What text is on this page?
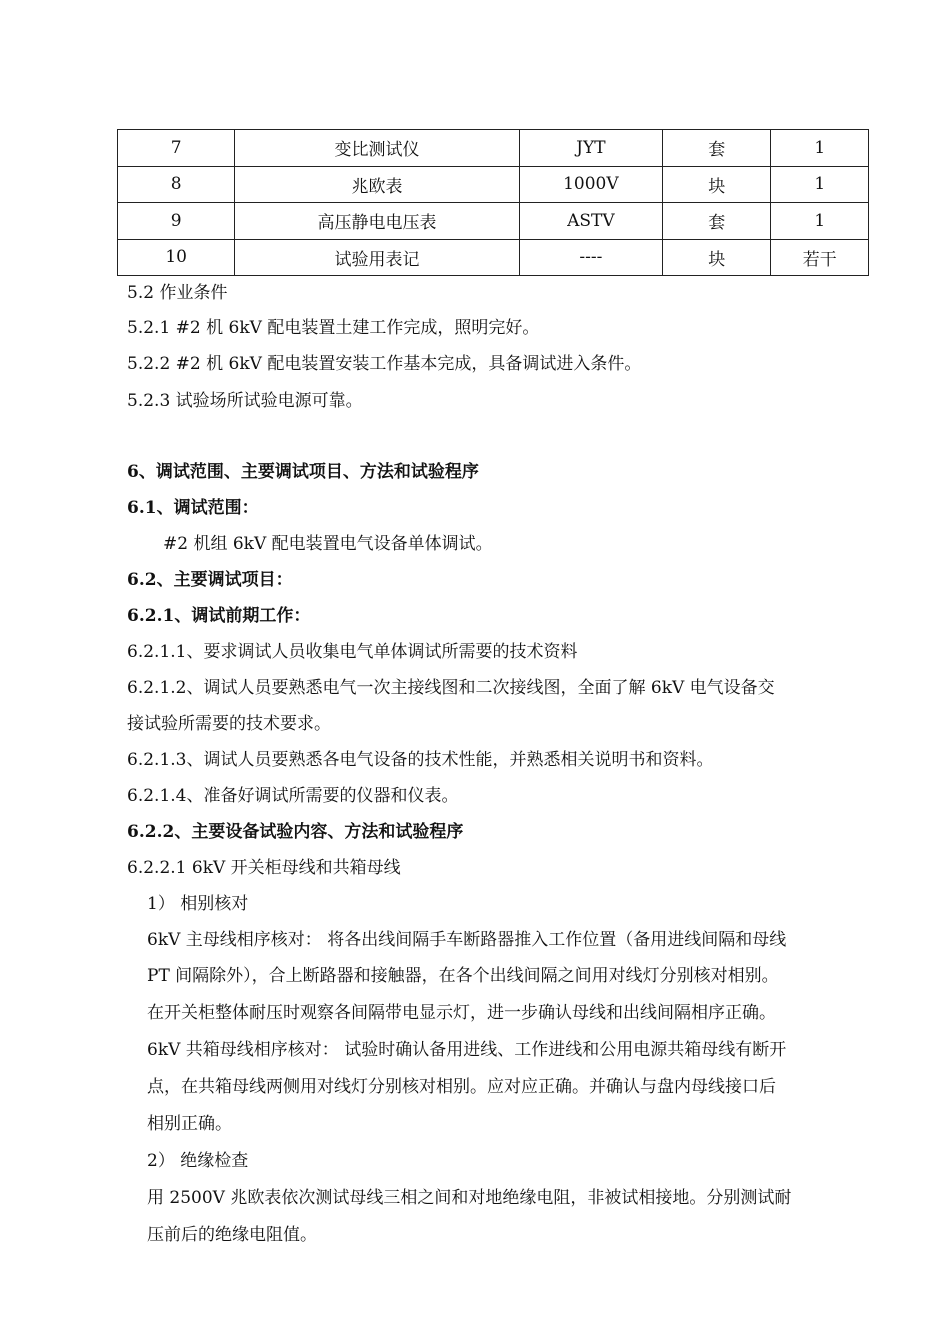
7	变比测试仪	JYT	套	1
8	兆欧表	1000V	块	1
9	高压静电电压表	ASTV	套	1
10	试验用表记	----	块	若干
5.2 作业条件
5.2.1 #2 机 6kV 配电装置土建工作完成，照明完好。
5.2.2 #2 机 6kV 配电装置安装工作基本完成，具备调试进入条件。
5.2.3 试验场所试验电源可靠。
6、调试范围、主要调试项目、方法和试验程序
6.1、调试范围：
#2 机组 6kV 配电装置电气设备单体调试。
6.2、主要调试项目：
6.2.1、调试前期工作：
6.2.1.1、要求调试人员收集电气单体调试所需要的技术资料
6.2.1.2、调试人员要熟悉电气一次主接线图和二次接线图，全面了解 6kV 电气设备交
接试验所需要的技术要求。
6.2.1.3、调试人员要熟悉各电气设备的技术性能，并熟悉相关说明书和资料。
6.2.1.4、准备好调试所需要的仪器和仪表。
6.2.2、主要设备试验内容、方法和试验程序
6.2.2.1 6kV 开关柜母线和共箱母线
1） 相别核对
6kV 主母线相序核对： 将各出线间隔手车断路器推入工作位置（备用进线间隔和母线
PT 间隔除外），合上断路器和接触器，在各个出线间隔之间用对线灯分别核对相别。
在开关柜整体耐压时观察各间隔带电显示灯，进一步确认母线和出线间隔相序正确。
6kV 共箱母线相序核对： 试验时确认备用进线、工作进线和公用电源共箱母线有断开
点，在共箱母线两侧用对线灯分别核对相别。应对应正确。并确认与盘内母线接口后
相别正确。
2） 绝缘检查
用 2500V 兆欧表依次测试母线三相之间和对地绝缘电阻，非被试相接地。分别测试耐
压前后的绝缘电阻值。
